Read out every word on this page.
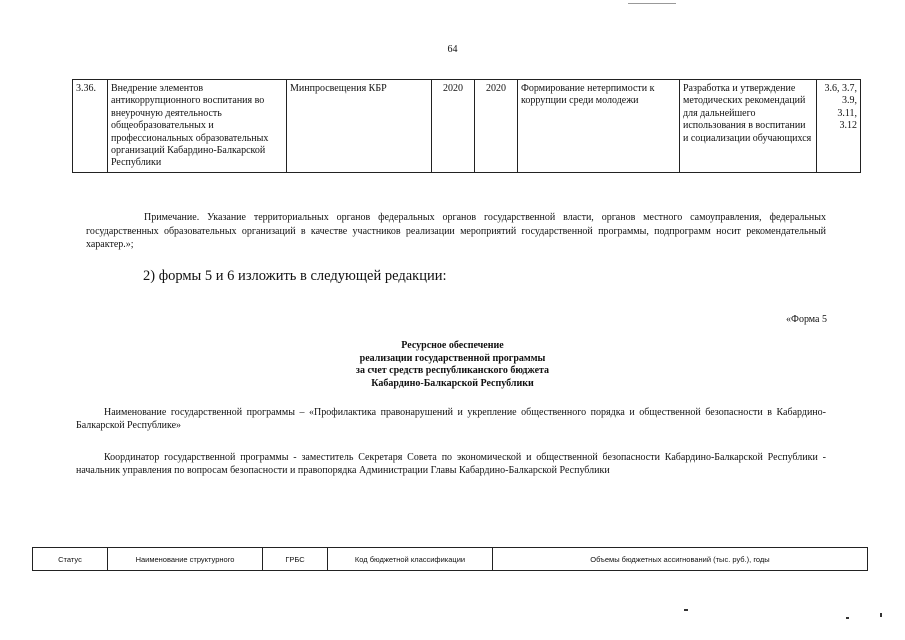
64
3.36.	Внедрение элементов антикоррупционного воспитания во внеурочную деятельность общеобразовательных и профессиональных образовательных организаций Кабардино-Балкарской Республики	Минпросвещения КБР	2020	2020	Формирование нетерпимости к коррупции среди молодежи	Разработка и утверждение методических рекомендаций для дальнейшего использования в воспитании и социализации обучающихся	3.6, 3.7, 3.9, 3.11, 3.12
Примечание. Указание территориальных органов федеральных органов государственной власти, органов местного самоуправления, федеральных государственных образовательных организаций в качестве участников реализации мероприятий государственной программы, подпрограмм носит рекомендательный характер.»;
2) формы 5 и 6 изложить в следующей редакции:
«Форма 5
Ресурсное обеспечение
реализации государственной программы
за счет средств республиканского бюджета
Кабардино-Балкарской Республики
Наименование государственной программы – «Профилактика правонарушений и укрепление общественного порядка и общественной безопасности в Кабардино-Балкарской Республике»
Координатор государственной программы - заместитель Секретаря Совета по экономической и общественной безопасности Кабардино-Балкарской Республики - начальник управления по вопросам безопасности и правопорядка Администрации Главы Кабардино-Балкарской Республики
Статус	Наименование структурного	ГРБС	Код бюджетной классификации	Объемы бюджетных ассигнований (тыс. руб.), годы
